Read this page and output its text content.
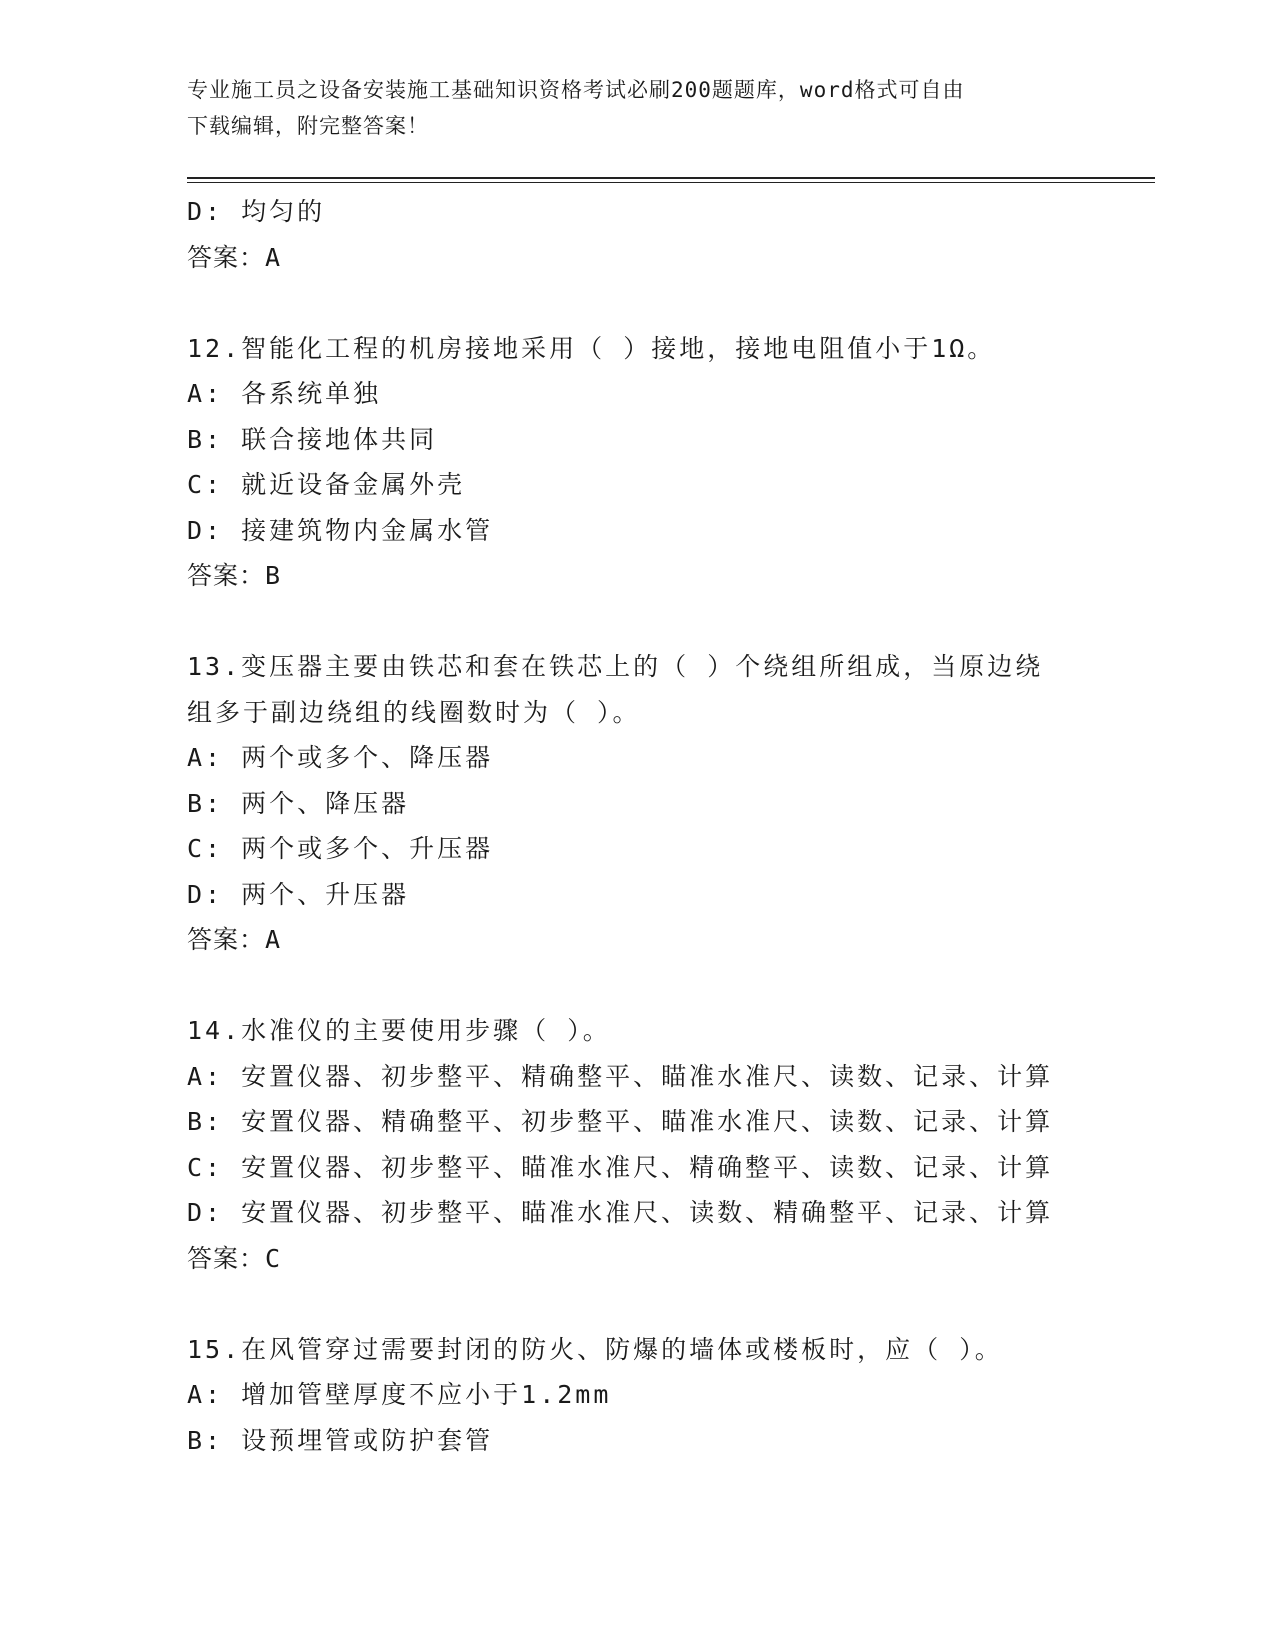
专业施工员之设备安装施工基础知识资格考试必刷200题题库，word格式可自由
下载编辑，附完整答案！
D: 均匀的
答案：A
12.智能化工程的机房接地采用（ ）接地，接地电阻值小于1Ω。
A: 各系统单独
B: 联合接地体共同
C: 就近设备金属外壳
D: 接建筑物内金属水管
答案：B
13.变压器主要由铁芯和套在铁芯上的（ ）个绕组所组成，当原边绕
组多于副边绕组的线圈数时为（ ）。
A: 两个或多个、降压器
B: 两个、降压器
C: 两个或多个、升压器
D: 两个、升压器
答案：A
14.水准仪的主要使用步骤（ ）。
A: 安置仪器、初步整平、精确整平、瞄准水准尺、读数、记录、计算
B: 安置仪器、精确整平、初步整平、瞄准水准尺、读数、记录、计算
C: 安置仪器、初步整平、瞄准水准尺、精确整平、读数、记录、计算
D: 安置仪器、初步整平、瞄准水准尺、读数、精确整平、记录、计算
答案：C
15.在风管穿过需要封闭的防火、防爆的墙体或楼板时，应（ ）。
A: 增加管壁厚度不应小于1.2mm
B: 设预埋管或防护套管
